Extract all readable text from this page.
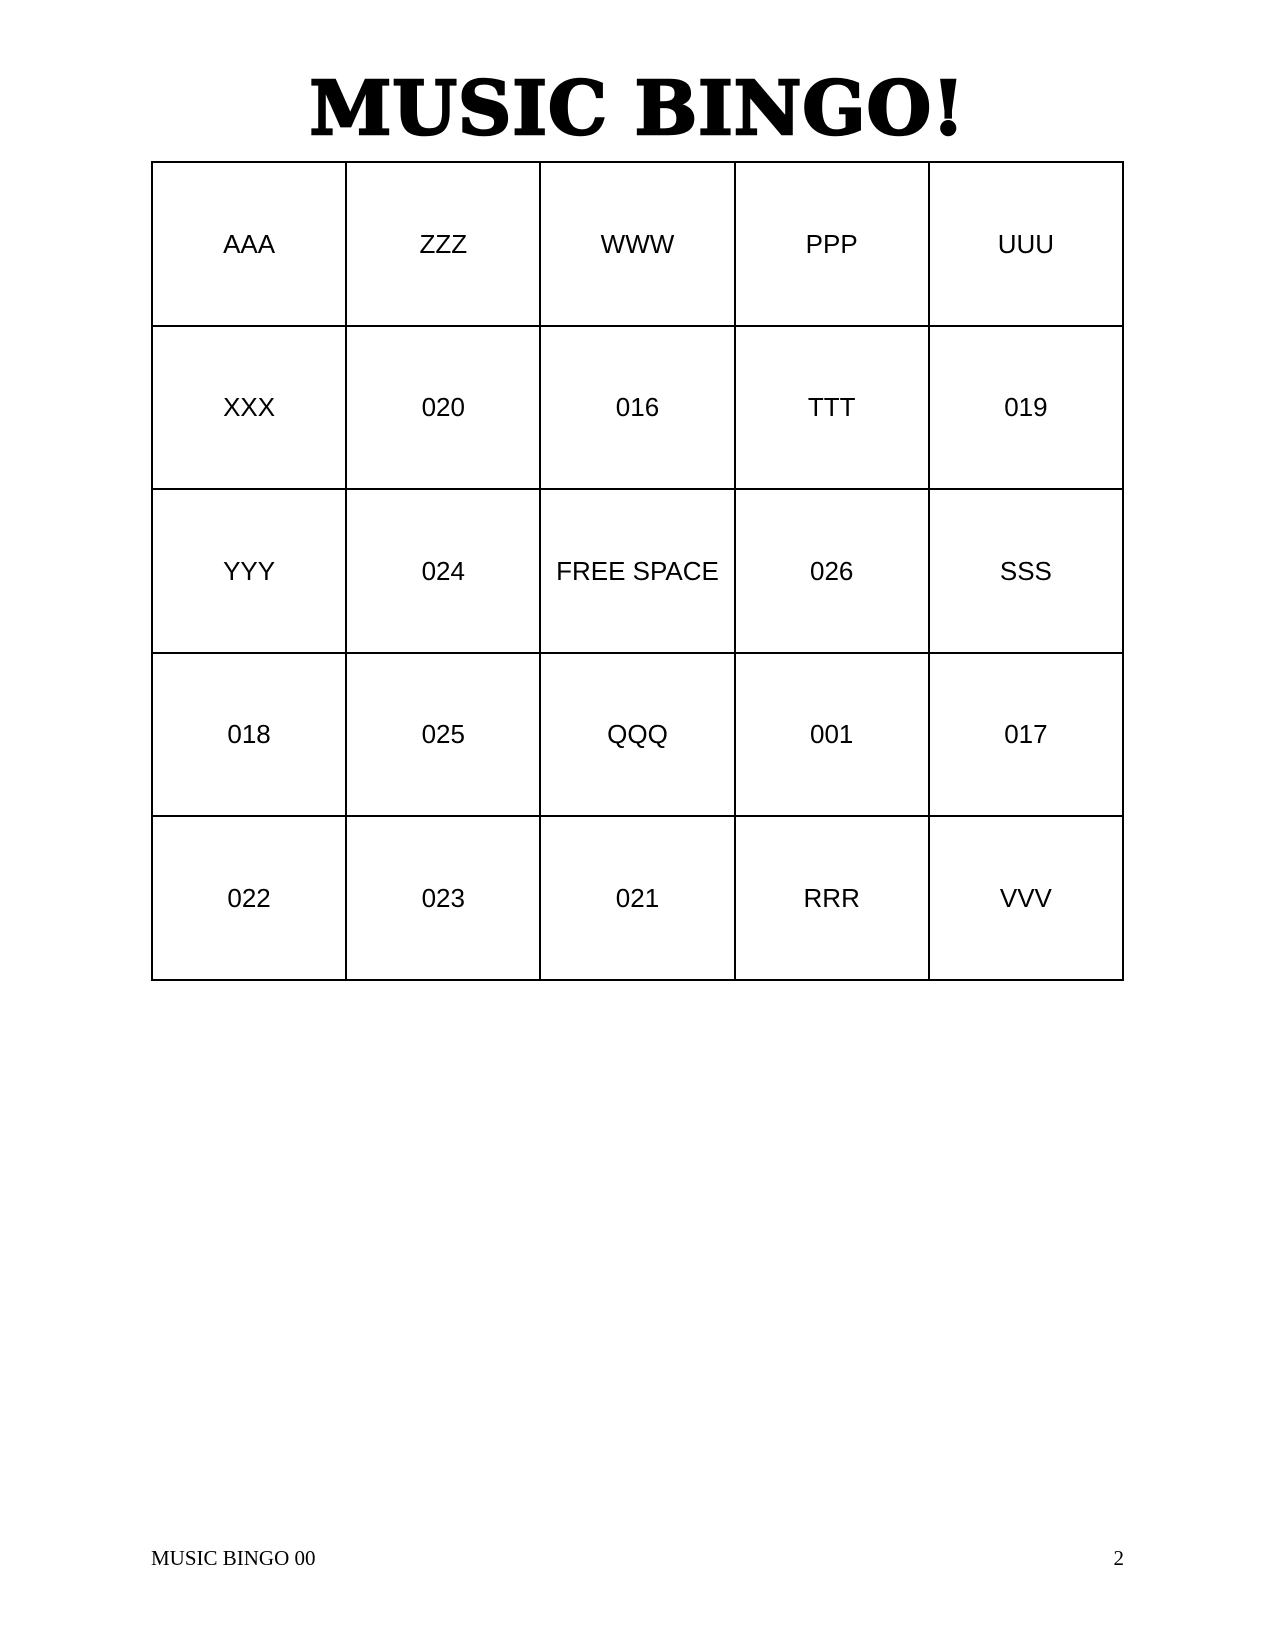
MUSIC BINGO!
AAA	ZZZ	WWW	PPP	UUU
XXX	020	016	TTT	019
YYY	024	FREE SPACE	026	SSS
018	025	QQQ	001	017
022	023	021	RRR	VVV
MUSIC BINGO 00	2
